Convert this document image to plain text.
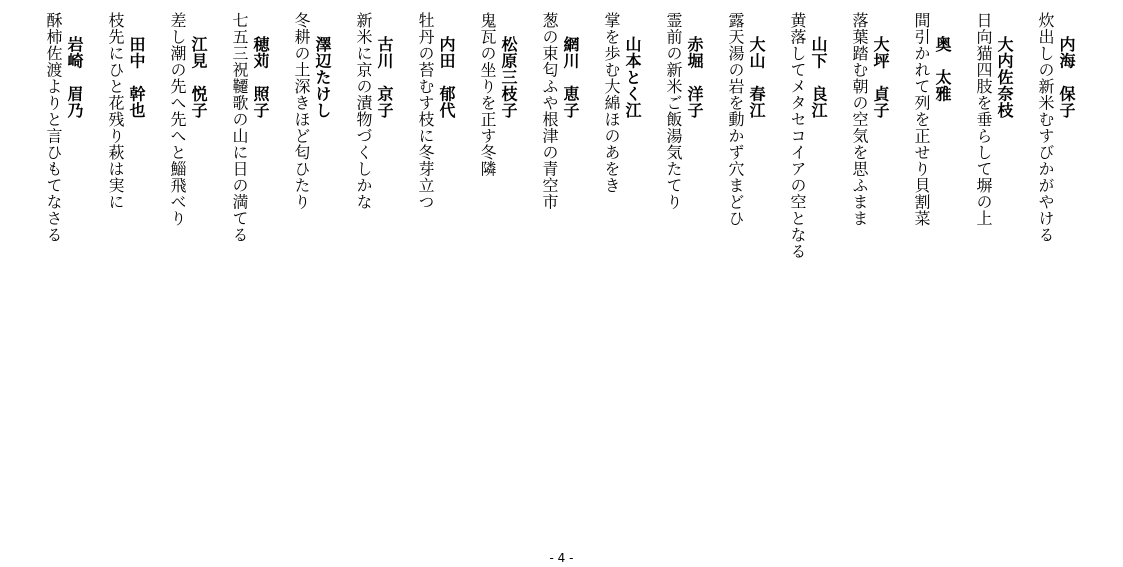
内海　保子
炊出しの新米むすびかがやける
大内佐奈枝
日向猫四肢を垂らして塀の上
奥　太雅
間引かれて列を正せり貝割菜
大坪　貞子
落葉踏む朝の空気を思ふまま
山下　良江
黄落してメタセコイアの空となる
大山　春江
露天湯の岩を動かず穴まどひ
赤堀　洋子
霊前の新米ご飯湯気たてり
山本とく江
掌を歩む大綿ほのあをき
網川　恵子
葱の束匂ふや根津の青空市
松原三枝子
鬼瓦の坐りを正す冬隣
内田　郁代
牡丹の苔むす枝に冬芽立つ
古川　京子
新米に京の漬物づくしかな
澤辺たけし
冬耕の土深きほど匂ひたり
穂苅　照子
七五三祝韆歌の山に日の満てる
江見　悦子
差し潮の先へ先へと鯔飛べり
田中　幹也
枝先にひと花残り萩は実に
岩崎　眉乃
酥柿佐渡よりと言ひもてなさる
- 4 -
